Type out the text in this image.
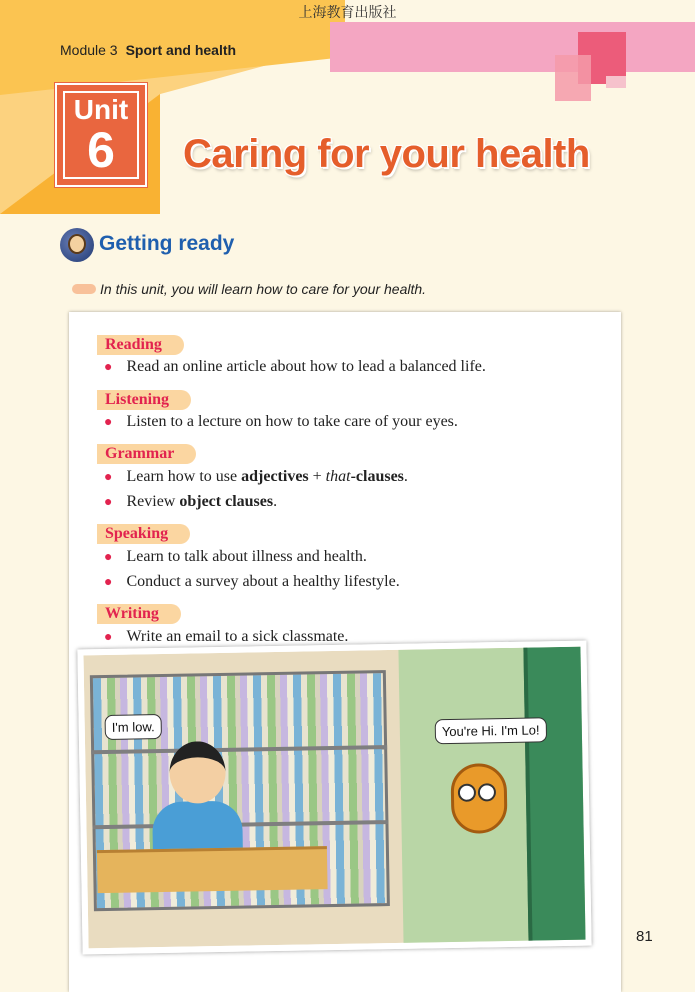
上海教育出版社
Module 3 Sport and health
Unit
6	Caring for your health
Getting ready
In this unit, you will learn how to care for your health.
Reading
● Read an online article about how to lead a balanced life.
Listening
● Listen to a lecture on how to take care of your eyes.
Grammar
● Learn how to use adjectives + that-clauses.
● Review object clauses.
Speaking
● Learn to talk about illness and health.
● Conduct a survey about a healthy lifestyle.
Writing
● Write an email to a sick classmate.
I'm low.	You're Hi. I'm Lo!
81
